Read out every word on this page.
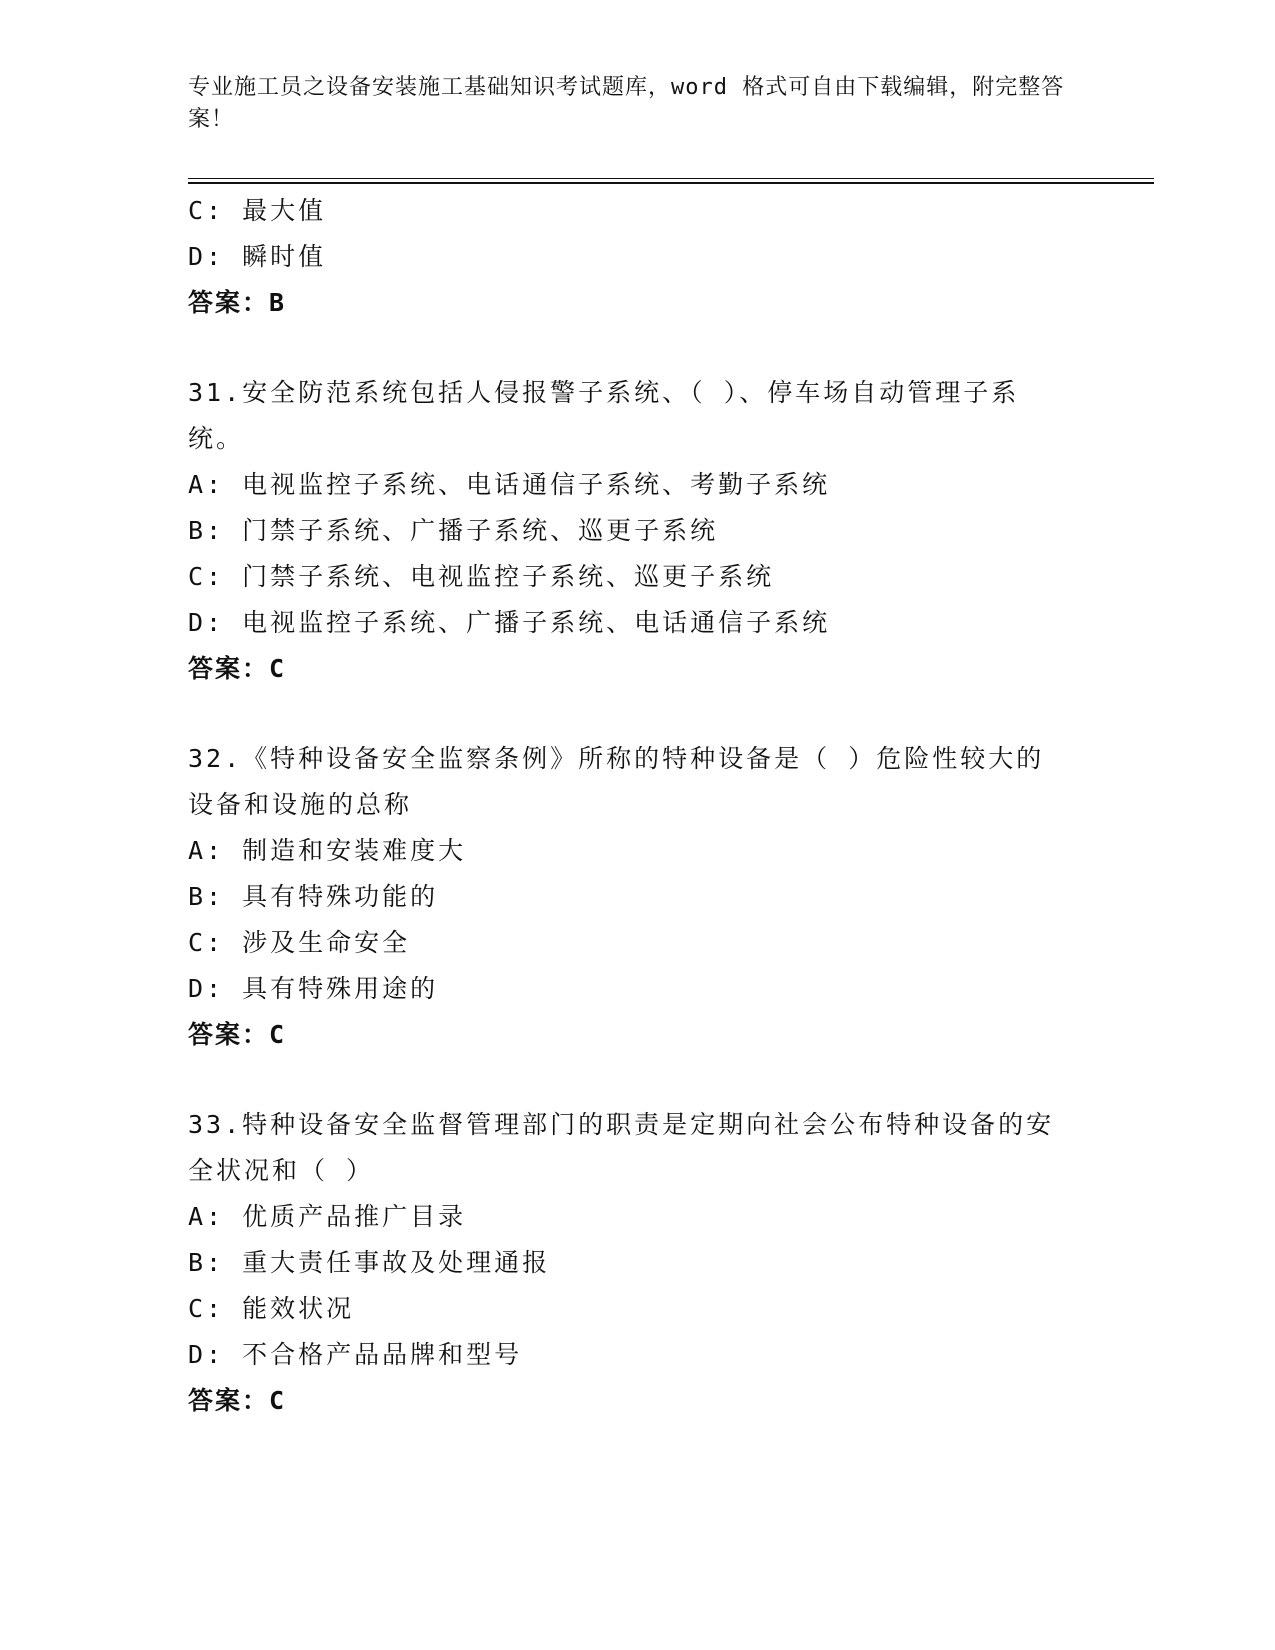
专业施工员之设备安装施工基础知识考试题库，word 格式可自由下载编辑，附完整答案！
C: 最大值
D: 瞬时值
答案：B
31.安全防范系统包括人侵报警子系统、（ ）、停车场自动管理子系统。
A: 电视监控子系统、电话通信子系统、考勤子系统
B: 门禁子系统、广播子系统、巡更子系统
C: 门禁子系统、电视监控子系统、巡更子系统
D: 电视监控子系统、广播子系统、电话通信子系统
答案：C
32.《特种设备安全监察条例》所称的特种设备是（ ）危险性较大的设备和设施的总称
A: 制造和安装难度大
B: 具有特殊功能的
C: 涉及生命安全
D: 具有特殊用途的
答案：C
33.特种设备安全监督管理部门的职责是定期向社会公布特种设备的安全状况和（ ）
A: 优质产品推广目录
B: 重大责任事故及处理通报
C: 能效状况
D: 不合格产品品牌和型号
答案：C
